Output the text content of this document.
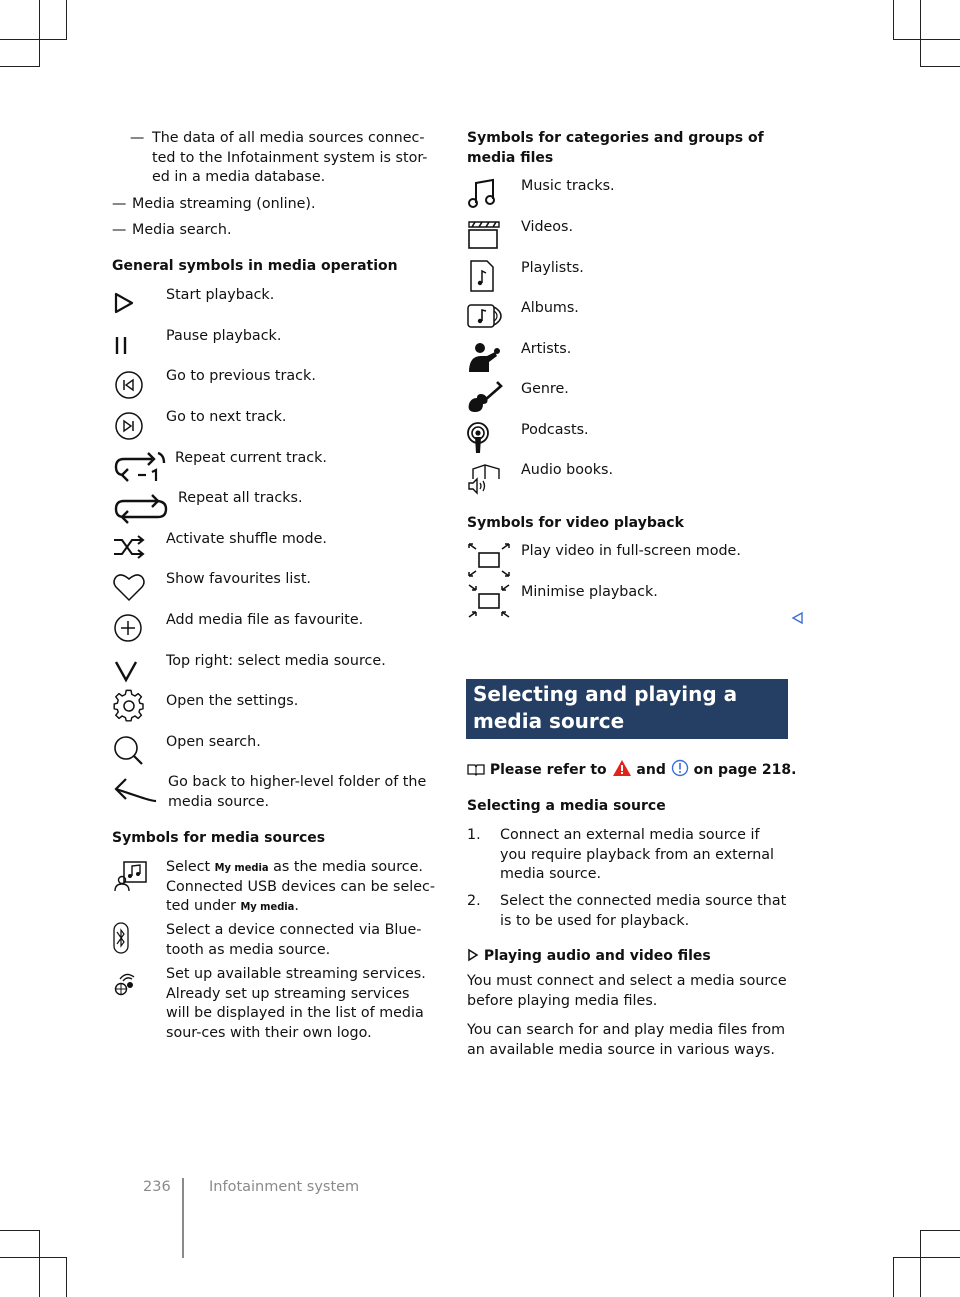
— The data of all media sources connec-ted to the Infotainment system is stor-ed in a media database.
— Media streaming (online).
— Media search.
General symbols in media operation
Start playback.
Pause playback.
Go to previous track.
Go to next track.
Repeat current track.
Repeat all tracks.
Activate shuffle mode.
Show favourites list.
Add media file as favourite.
Top right: select media source.
Open the settings.
Open search.
Go back to higher-level folder of the media source.
Symbols for media sources
Select My media as the media source. Connected USB devices can be selec-ted under My media.
Select a device connected via Blue-tooth as media source.
Set up available streaming services. Already set up streaming services will be displayed in the list of media sour-ces with their own logo.
Symbols for categories and groups of media files
Music tracks.
Videos.
Playlists.
Albums.
Artists.
Genre.
Podcasts.
Audio books.
Symbols for video playback
Play video in full-screen mode.
Minimise playback.
Selecting and playing a media source
Please refer to and on page 218.
Selecting a media source
1. Connect an external media source if you require playback from an external media source.
2. Select the connected media source that is to be used for playback.
Playing audio and video files
You must connect and select a media source before playing media files.
You can search for and play media files from an available media source in various ways.
236	Infotainment system
